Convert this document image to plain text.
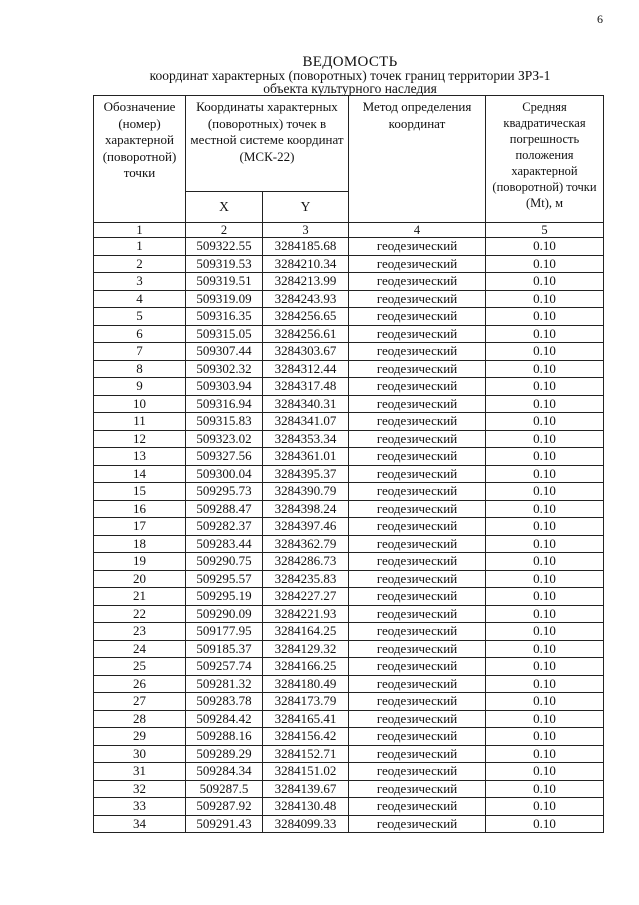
6
ВЕДОМОСТЬ
координат характерных (поворотных) точек границ территории ЗРЗ-1
объекта культурного наследия
Обозначение (номер) характерной (поворотной) точки	Координаты характерных (поворотных) точек в местной системе координат (МСК-22)		Метод определения координат	Средняя квадратическая погрешность положения характерной (поворотной) точки (Mt), м
	X	Y		
1	2	3	4	5
1	509322.55	3284185.68	геодезический	0.10
2	509319.53	3284210.34	геодезический	0.10
3	509319.51	3284213.99	геодезический	0.10
4	509319.09	3284243.93	геодезический	0.10
5	509316.35	3284256.65	геодезический	0.10
6	509315.05	3284256.61	геодезический	0.10
7	509307.44	3284303.67	геодезический	0.10
8	509302.32	3284312.44	геодезический	0.10
9	509303.94	3284317.48	геодезический	0.10
10	509316.94	3284340.31	геодезический	0.10
11	509315.83	3284341.07	геодезический	0.10
12	509323.02	3284353.34	геодезический	0.10
13	509327.56	3284361.01	геодезический	0.10
14	509300.04	3284395.37	геодезический	0.10
15	509295.73	3284390.79	геодезический	0.10
16	509288.47	3284398.24	геодезический	0.10
17	509282.37	3284397.46	геодезический	0.10
18	509283.44	3284362.79	геодезический	0.10
19	509290.75	3284286.73	геодезический	0.10
20	509295.57	3284235.83	геодезический	0.10
21	509295.19	3284227.27	геодезический	0.10
22	509290.09	3284221.93	геодезический	0.10
23	509177.95	3284164.25	геодезический	0.10
24	509185.37	3284129.32	геодезический	0.10
25	509257.74	3284166.25	геодезический	0.10
26	509281.32	3284180.49	геодезический	0.10
27	509283.78	3284173.79	геодезический	0.10
28	509284.42	3284165.41	геодезический	0.10
29	509288.16	3284156.42	геодезический	0.10
30	509289.29	3284152.71	геодезический	0.10
31	509284.34	3284151.02	геодезический	0.10
32	509287.5	3284139.67	геодезический	0.10
33	509287.92	3284130.48	геодезический	0.10
34	509291.43	3284099.33	геодезический	0.10
